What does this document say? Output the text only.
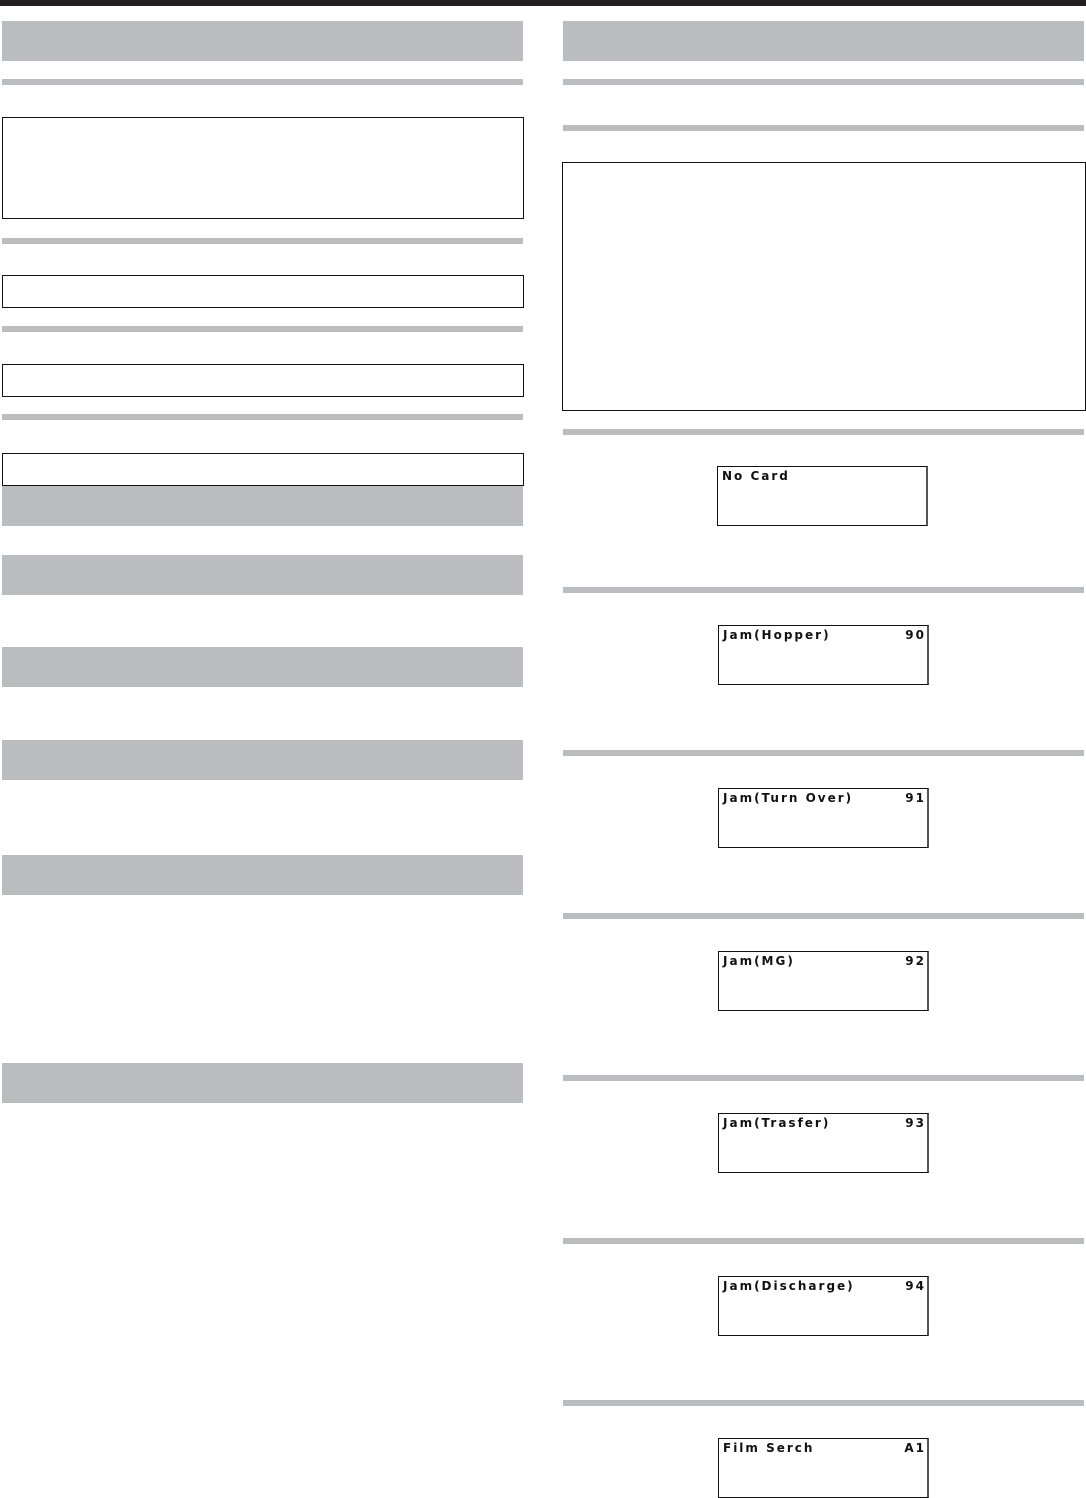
No Card
Jam(Hopper)	90
Jam(Turn Over)	91
Jam(MG)	92
Jam(Trasfer)	93
Jam(Discharge)	94
Film Serch	A1
